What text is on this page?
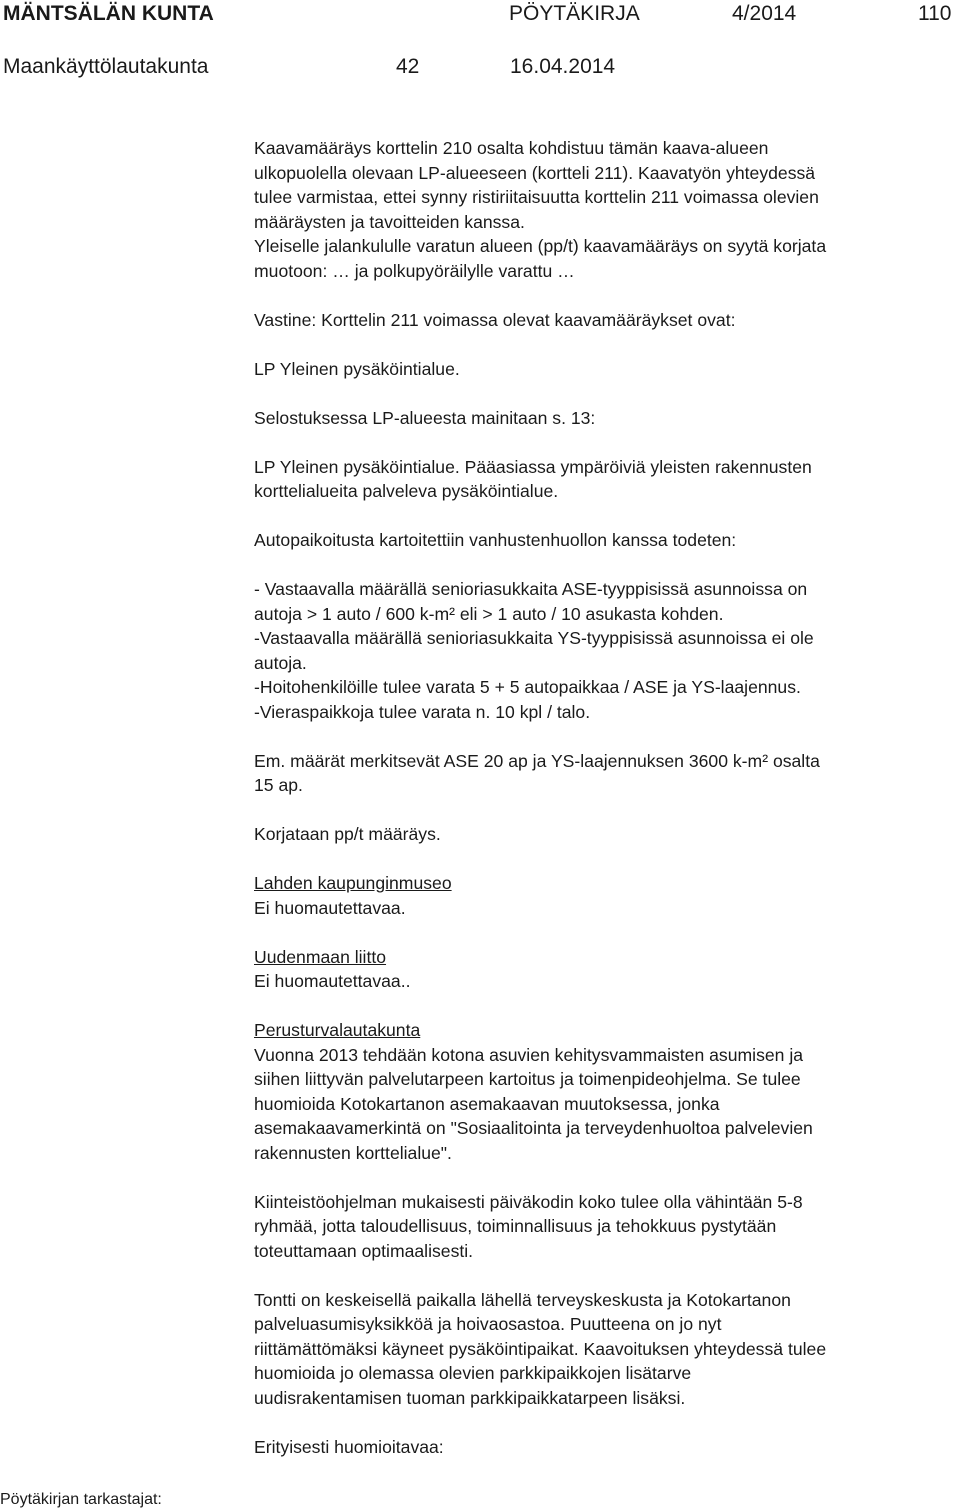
MÄNTSÄLÄN KUNTA	PÖYTÄKIRJA	4/2014	110
Maankäyttölautakunta	42	16.04.2014

Kaavamääräys korttelin 210 osalta kohdistuu tämän kaava-alueen

ulkopuolella olevaan LP-alueeseen (kortteli 211). Kaavatyön yhteydessä

tulee varmistaa, ettei synny ristiriitaisuutta korttelin 211 voimassa olevien

määräysten ja tavoitteiden kanssa.

Yleiselle jalankululle varatun alueen (pp/t) kaavamääräys on syytä korjata

muotoon: … ja polkupyöräilylle varattu …

Vastine: Korttelin 211 voimassa olevat kaavamääräykset ovat:

LP Yleinen pysäköintialue.

Selostuksessa LP-alueesta mainitaan s. 13:

LP Yleinen pysäköintialue. Pääasiassa ympäröiviä yleisten rakennusten

korttelialueita palveleva pysäköintialue.

Autopaikoitusta kartoitettiin vanhustenhuollon kanssa todeten:

- Vastaavalla määrällä senioriasukkaita ASE-tyyppisissä asunnoissa on

autoja > 1 auto / 600 k-m² eli > 1 auto / 10 asukasta kohden.

-Vastaavalla määrällä senioriasukkaita YS-tyyppisissä asunnoissa ei ole

autoja.

-Hoitohenkilöille tulee varata 5 + 5 autopaikkaa / ASE ja YS-laajennus.

-Vieraspaikkoja tulee varata n. 10 kpl / talo.

Em. määrät merkitsevät ASE 20 ap ja YS-laajennuksen 3600 k-m² osalta

15 ap.

Korjataan pp/t määräys.

Lahden kaupunginmuseo

Ei huomautettavaa.

Uudenmaan liitto

Ei huomautettavaa..

Perusturvalautakunta

Vuonna 2013 tehdään kotona asuvien kehitysvammaisten asumisen ja

siihen liittyvän palvelutarpeen kartoitus ja toimenpideohjelma. Se tulee

huomioida Kotokartanon asemakaavan muutoksessa, jonka

asemakaavamerkintä on "Sosiaalitointa ja terveydenhuoltoa palvelevien

rakennusten korttelialue".

Kiinteistöohjelman mukaisesti päiväkodin koko tulee olla vähintään 5-8

ryhmää, jotta taloudellisuus, toiminnallisuus ja tehokkuus pystytään

toteuttamaan optimaalisesti.

Tontti on keskeisellä paikalla lähellä terveyskeskusta ja Kotokartanon

palveluasumisyksikköä ja hoivaosastoa. Puutteena on jo nyt

riittämättömäksi käyneet pysäköintipaikat. Kaavoituksen yhteydessä tulee

huomioida jo olemassa olevien parkkipaikkojen lisätarve

uudisrakentamisen tuoman parkkipaikkatarpeen lisäksi.

Erityisesti huomioitavaa:

Pöytäkirjan tarkastajat:
